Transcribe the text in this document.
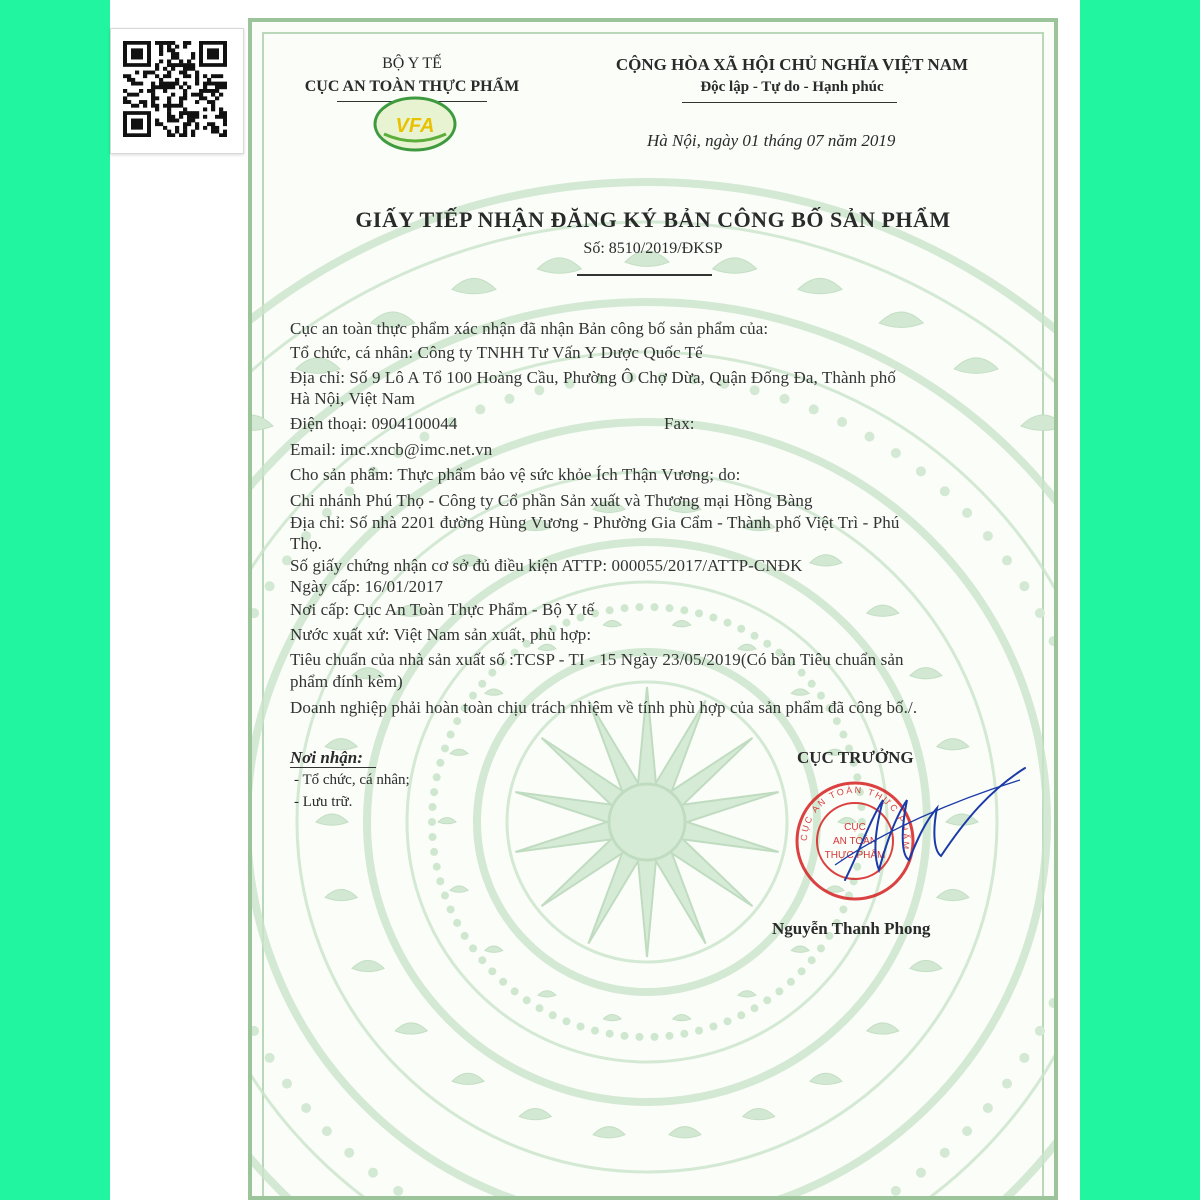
BỘ Y TẾ
CỤC AN TOÀN THỰC PHẨM
VFA
CỘNG HÒA XÃ HỘI CHỦ NGHĨA VIỆT NAM
Độc lập - Tự do - Hạnh phúc
Hà Nội, ngày 01 tháng 07 năm 2019
GIẤY TIẾP NHẬN ĐĂNG KÝ BẢN CÔNG BỐ SẢN PHẨM
Số: 8510/2019/ĐKSP
Cục an toàn thực phẩm xác nhận đã nhận Bản công bố sản phẩm của:
Tổ chức, cá nhân: Công ty TNHH Tư Vấn Y Dược Quốc Tế
Địa chỉ: Số 9 Lô A Tổ 100 Hoàng Cầu, Phường Ô Chợ Dừa, Quận Đống Đa, Thành phố
Hà Nội, Việt Nam
Điện thoại: 0904100044	Fax:
Email: imc.xncb@imc.net.vn
Cho sản phẩm: Thực phẩm bảo vệ sức khỏe Ích Thận Vương; do:
Chi nhánh Phú Thọ - Công ty Cổ phần Sản xuất và Thương mại Hồng Bàng
Địa chỉ: Số nhà 2201 đường Hùng Vương - Phường Gia Cẩm - Thành phố Việt Trì - Phú
Thọ.
Số giấy chứng nhận cơ sở đủ điều kiện ATTP: 000055/2017/ATTP-CNĐK
Ngày cấp: 16/01/2017
Nơi cấp: Cục An Toàn Thực Phẩm - Bộ Y tế
Nước xuất xứ: Việt Nam sản xuất, phù hợp:
Tiêu chuẩn của nhà sản xuất số :TCSP - TI - 15 Ngày 23/05/2019(Có bản Tiêu chuẩn sản
phẩm đính kèm)
Doanh nghiệp phải hoàn toàn chịu trách nhiệm về tính phù hợp của sản phẩm đã công bố./.
Nơi nhận:
- Tổ chức, cá nhân;
- Lưu trữ.
CỤC TRƯỞNG
Nguyễn Thanh Phong
CỤC AN TOÀN THỰC PHẨM
CỤC
AN TOÀN
THỰC PHẨM
